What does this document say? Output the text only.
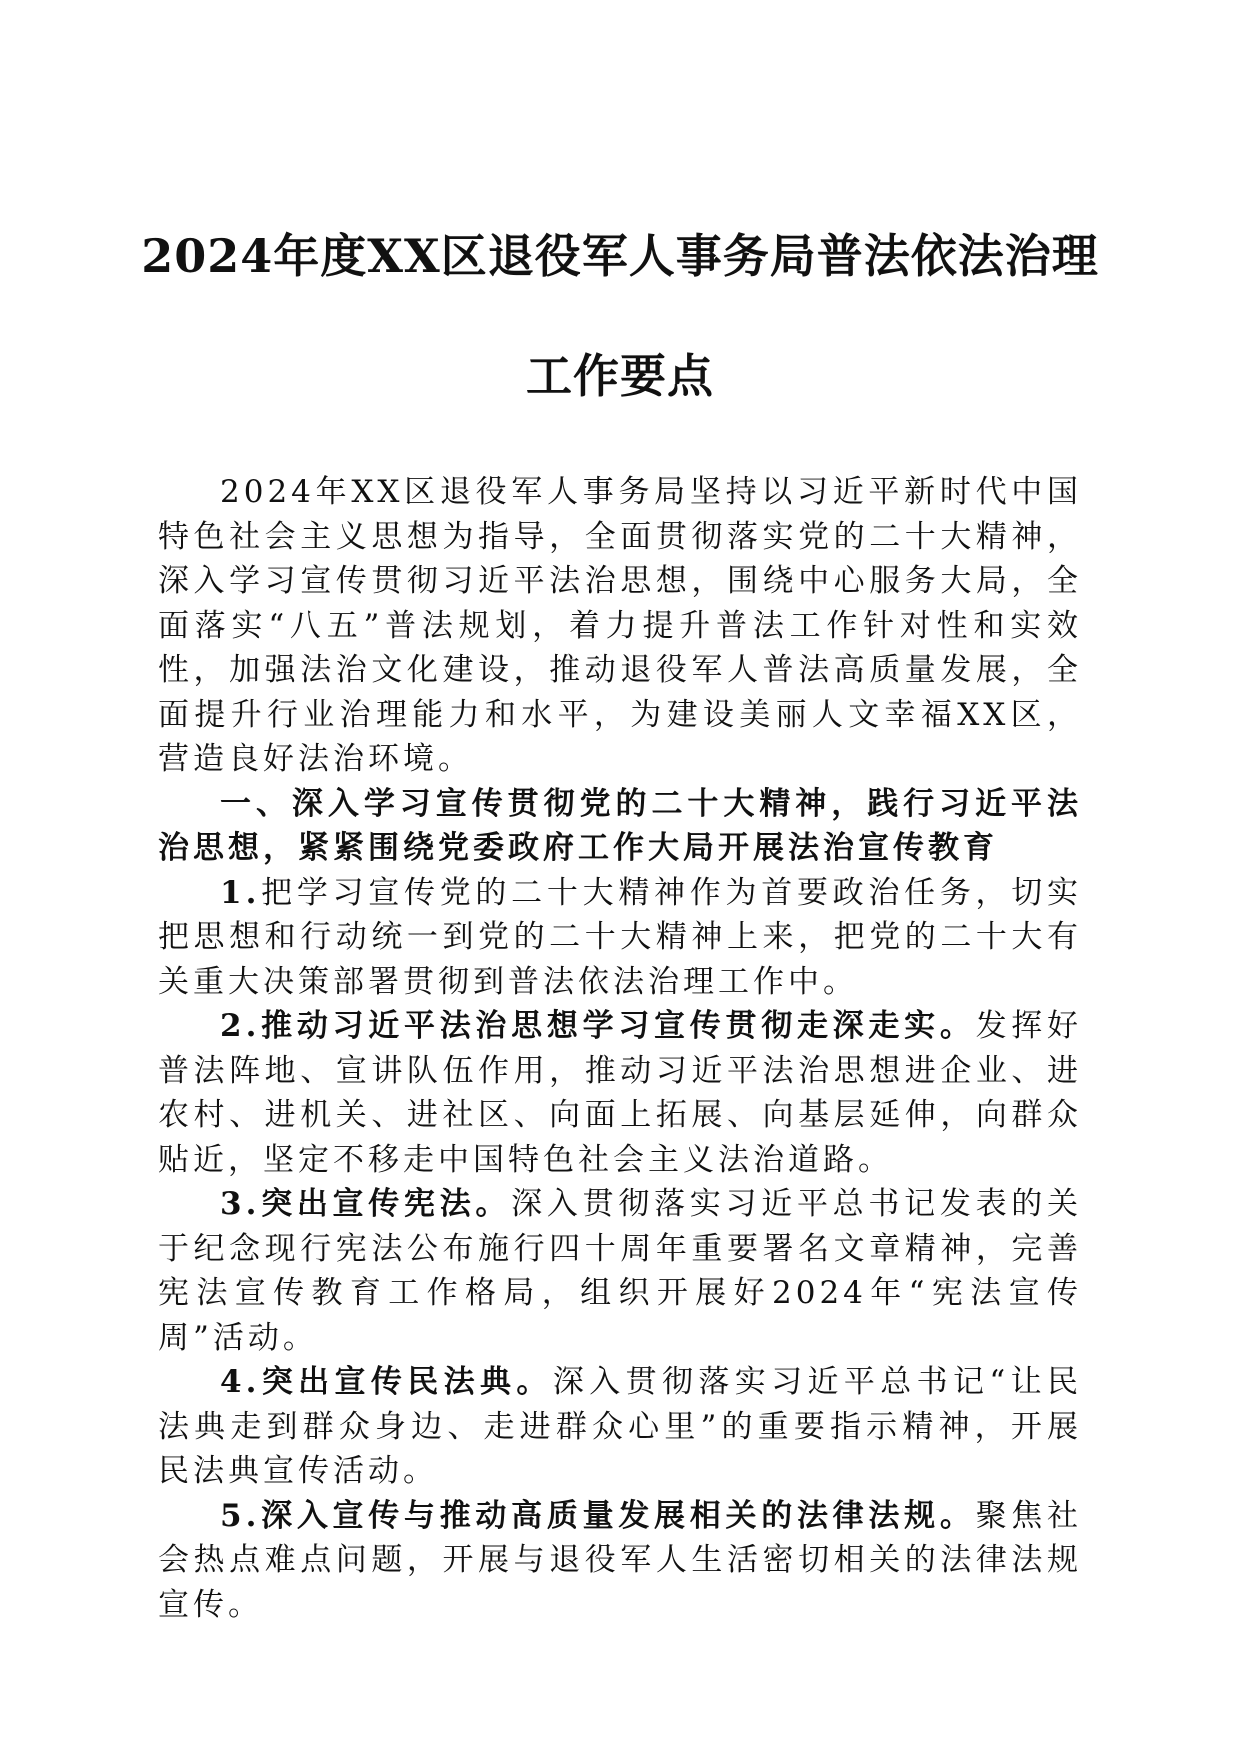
2024年度XX区退役军人事务局普法依法治理
工作要点

2024年XX区退役军人事务局坚持以习近平新时代中国特色社会主义思想为指导，全面贯彻落实党的二十大精神，深入学习宣传贯彻习近平法治思想，围绕中心服务大局，全面落实“八五”普法规划，着力提升普法工作针对性和实效性，加强法治文化建设，推动退役军人普法高质量发展，全面提升行业治理能力和水平，为建设美丽人文幸福XX区，营造良好法治环境。

一、深入学习宣传贯彻党的二十大精神，践行习近平法治思想，紧紧围绕党委政府工作大局开展法治宣传教育

1.把学习宣传党的二十大精神作为首要政治任务，切实把思想和行动统一到党的二十大精神上来，把党的二十大有关重大决策部署贯彻到普法依法治理工作中。

2.推动习近平法治思想学习宣传贯彻走深走实。发挥好普法阵地、宣讲队伍作用，推动习近平法治思想进企业、进农村、进机关、进社区、向面上拓展、向基层延伸，向群众贴近，坚定不移走中国特色社会主义法治道路。

3.突出宣传宪法。深入贯彻落实习近平总书记发表的关于纪念现行宪法公布施行四十周年重要署名文章精神，完善宪法宣传教育工作格局，组织开展好2024年“宪法宣传周”活动。

4.突出宣传民法典。深入贯彻落实习近平总书记“让民法典走到群众身边、走进群众心里”的重要指示精神，开展民法典宣传活动。

5.深入宣传与推动高质量发展相关的法律法规。聚焦社会热点难点问题，开展与退役军人生活密切相关的法律法规宣传。
